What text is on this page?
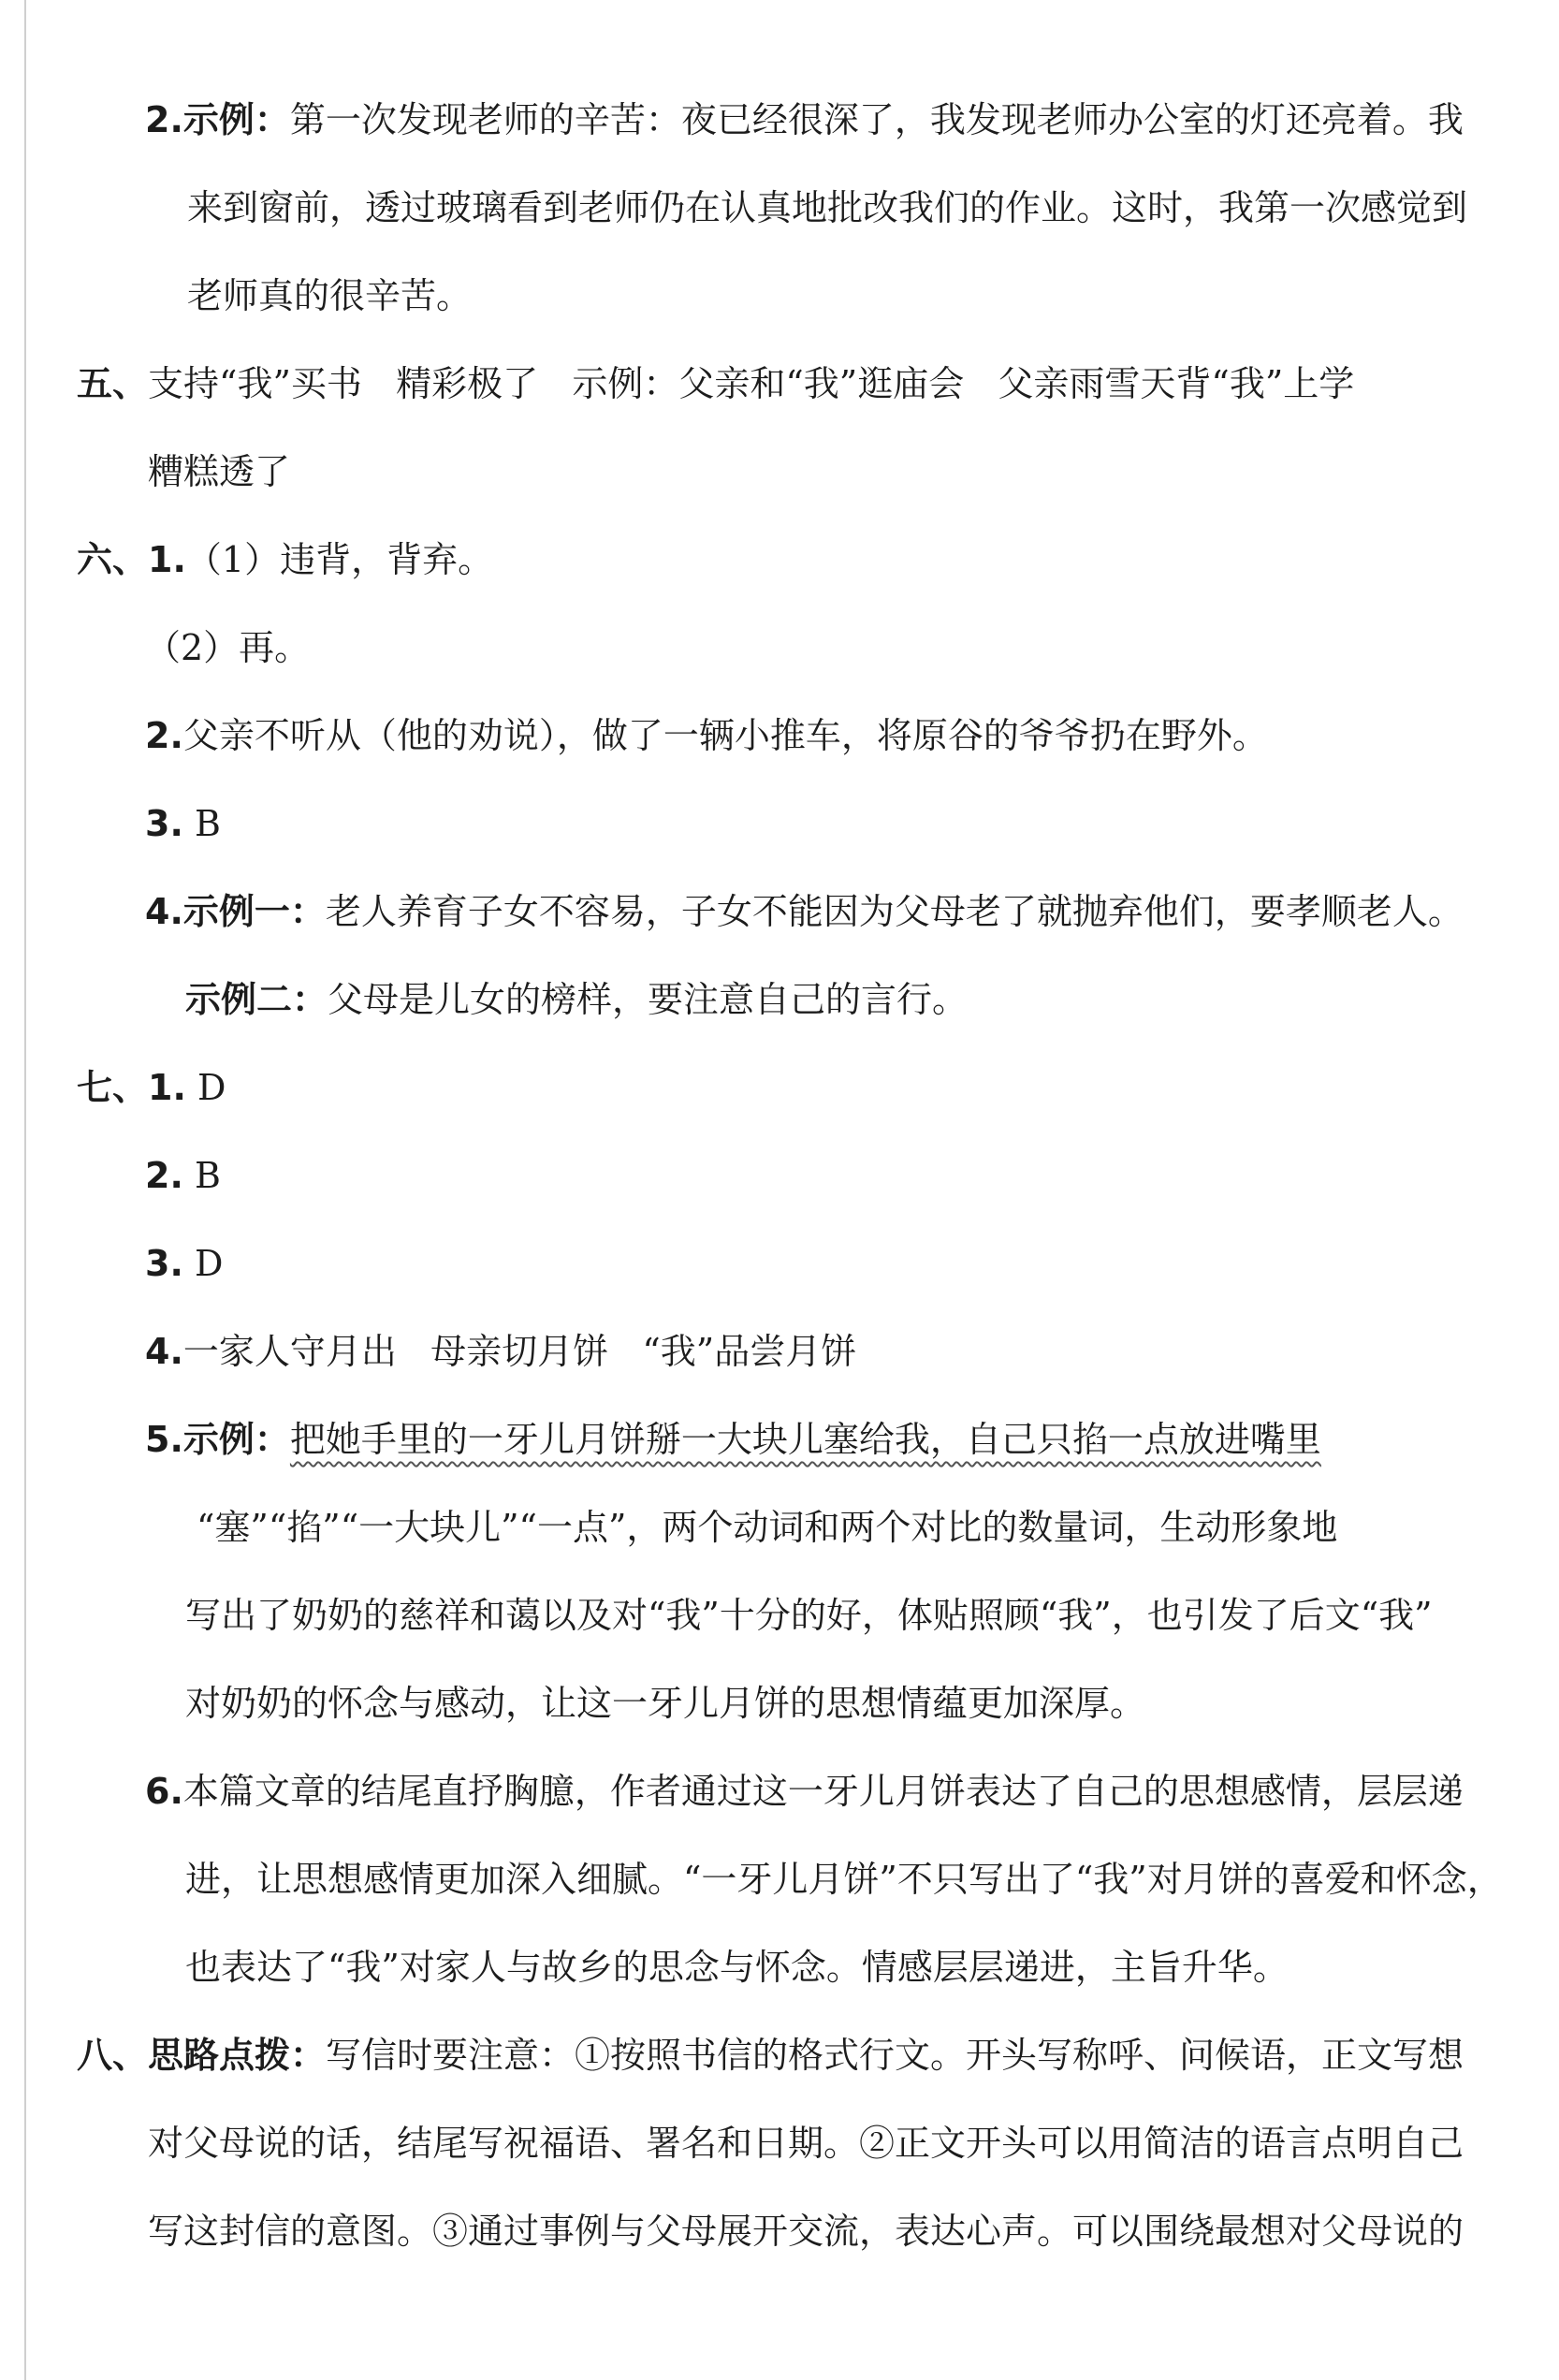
2.示例：第一次发现老师的辛苦：夜已经很深了，我发现老师办公室的灯还亮着。我
来到窗前，透过玻璃看到老师仍在认真地批改我们的作业。这时，我第一次感觉到
老师真的很辛苦。
五、支持“我”买书   精彩极了   示例：父亲和“我”逛庙会   父亲雨雪天背“我”上学
糟糕透了
六、1.（1）违背，背弃。
（2）再。
2.父亲不听从（他的劝说），做了一辆小推车，将原谷的爷爷扔在野外。
3. B
4.示例一：老人养育子女不容易，子女不能因为父母老了就抛弃他们，要孝顺老人。
示例二：父母是儿女的榜样，要注意自己的言行。
七、1. D
2. B
3. D
4.一家人守月出   母亲切月饼   “我”品尝月饼
5.示例：把她手里的一牙儿月饼掰一大块儿塞给我，自己只掐一点放进嘴里
“塞”“掐”“一大块儿”“一点”，两个动词和两个对比的数量词，生动形象地
写出了奶奶的慈祥和蔼以及对“我”十分的好，体贴照顾“我”，也引发了后文“我”
对奶奶的怀念与感动，让这一牙儿月饼的思想情蕴更加深厚。
6.本篇文章的结尾直抒胸臆，作者通过这一牙儿月饼表达了自己的思想感情，层层递
进，让思想感情更加深入细腻。“一牙儿月饼”不只写出了“我”对月饼的喜爱和怀念，
也表达了“我”对家人与故乡的思念与怀念。情感层层递进，主旨升华。
八、思路点拨：写信时要注意：①按照书信的格式行文。开头写称呼、问候语，正文写想
对父母说的话，结尾写祝福语、署名和日期。②正文开头可以用简洁的语言点明自己
写这封信的意图。③通过事例与父母展开交流，表达心声。可以围绕最想对父母说的
